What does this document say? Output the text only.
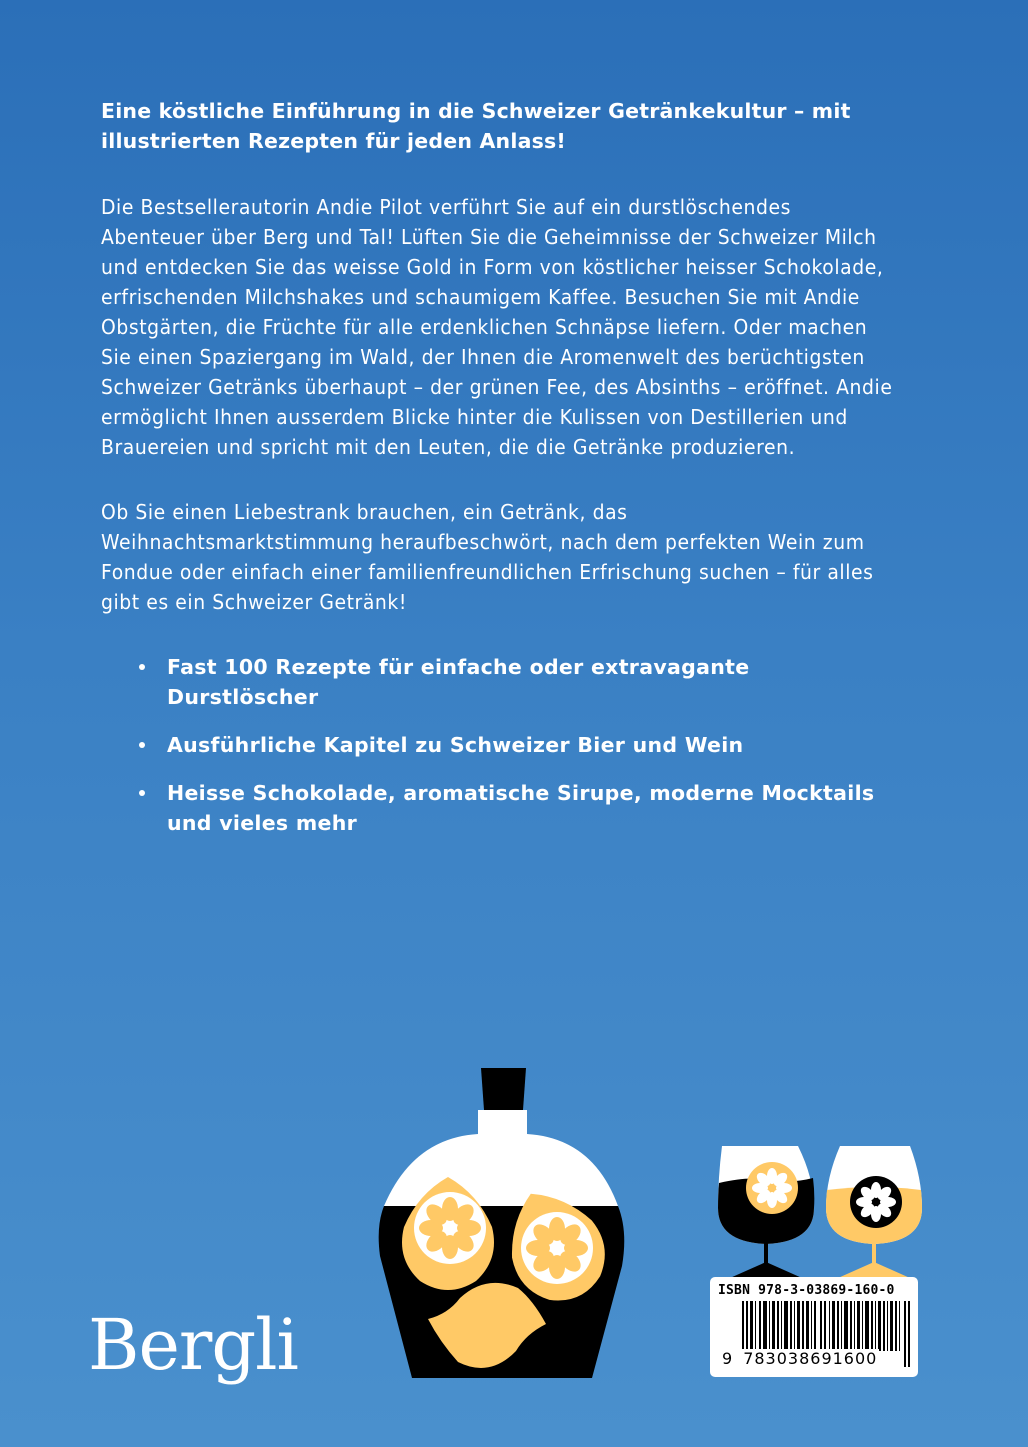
Eine köstliche Einführung in die Schweizer Getränkekultur – mit illustrierten Rezepten für jeden Anlass!

Die Bestsellerautorin Andie Pilot verführt Sie auf ein durstlöschendes Abenteuer über Berg und Tal! Lüften Sie die Geheimnisse der Schweizer Milch und entdecken Sie das weisse Gold in Form von köstlicher heisser Schokolade, erfrischenden Milchshakes und schaumigem Kaffee. Besuchen Sie mit Andie Obstgärten, die Früchte für alle erdenklichen Schnäpse liefern. Oder machen Sie einen Spaziergang im Wald, der Ihnen die Aromenwelt des berüchtigsten Schweizer Getränks überhaupt – der grünen Fee, des Absinths – eröffnet. Andie ermöglicht Ihnen ausserdem Blicke hinter die Kulissen von Destillerien und Brauereien und spricht mit den Leuten, die die Getränke produzieren.

Ob Sie einen Liebestrank brauchen, ein Getränk, das Weihnachtsmarktstimmung heraufbeschwört, nach dem perfekten Wein zum Fondue oder einfach einer familienfreundlichen Erfrischung suchen – für alles gibt es ein Schweizer Getränk!

Fast 100 Rezepte für einfache oder extravagante Durstlöscher
Ausführliche Kapitel zu Schweizer Bier und Wein
Heisse Schokolade, aromatische Sirupe, moderne Mocktails und vieles mehr
Bergli
ISBN 978-3-03869-160-0
9 783038691600
